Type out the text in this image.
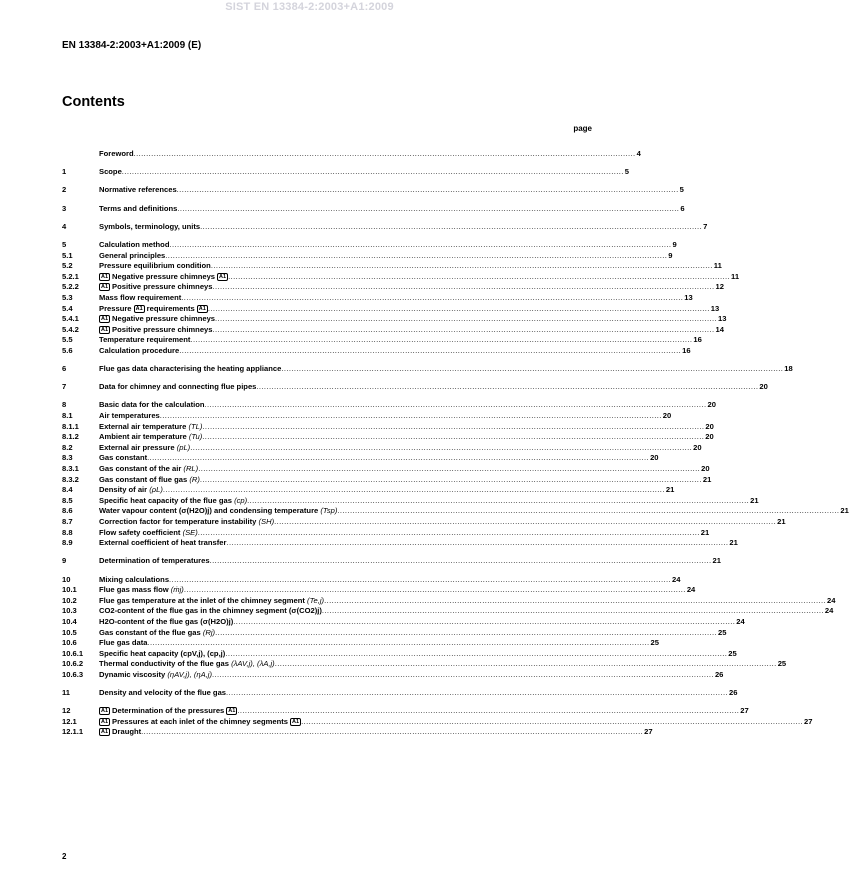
SIST EN 13384-2:2003+A1:2009
EN 13384-2:2003+A1:2009 (E)
Contents
page
Foreword .....	4
1	Scope .....	5
2	Normative references .....	5
3	Terms and definitions .....	6
4	Symbols, terminology, units .....	7
5	Calculation method .....	9
5.1	General principles .....	9
5.2	Pressure equilibrium condition .....	11
5.2.1	A1 Negative pressure chimneys A1 .....	11
5.2.2	A1 Positive pressure chimneys .....	12
5.3	Mass flow requirement .....	13
5.4	Pressure A1 requirements A1 .....	13
5.4.1	A1 Negative pressure chimneys .....	13
5.4.2	A1 Positive pressure chimneys .....	14
5.5	Temperature requirement .....	16
5.6	Calculation procedure .....	16
6	Flue gas data characterising the heating appliance .....	18
7	Data for chimney and connecting flue pipes .....	20
8	Basic data for the calculation .....	20
8.1	Air temperatures .....	20
8.1.1	External air temperature (TL) .....	20
8.1.2	Ambient air temperature (Tu) .....	20
8.2	External air pressure (pL) .....	20
8.3	Gas constant .....	20
8.3.1	Gas constant of the air (RL) .....	20
8.3.2	Gas constant of flue gas (R) .....	21
8.4	Density of air (ρL) .....	21
8.5	Specific heat capacity of the flue gas (cp) .....	21
8.6	Water vapour content (σ(H2O)j) and condensing temperature (Tsp) .....	21
8.7	Correction factor for temperature instability (SH) .....	21
8.8	Flow safety coefficient (SE) .....	21
8.9	External coefficient of heat transfer .....	21
9	Determination of temperatures .....	21
10	Mixing calculations .....	24
10.1	Flue gas mass flow (ṁj) .....	24
10.2	Flue gas temperature at the inlet of the chimney segment (Te,j) .....	24
10.3	CO2-content of the flue gas in the chimney segment (σ(CO2)j) .....	24
10.4	H2O-content of the flue gas (σ(H2O)j) .....	24
10.5	Gas constant of the flue gas (Rj) .....	25
10.6	Flue gas data .....	25
10.6.1	Specific heat capacity (cpV,j), (cp,j) .....	25
10.6.2	Thermal conductivity of the flue gas (λAV,j), (λA,j) .....	25
10.6.3	Dynamic viscosity (ηAV,j), (ηA,j) .....	26
11	Density and velocity of the flue gas .....	26
12	A1 Determination of the pressures A1 .....	27
12.1	A1 Pressures at each inlet of the chimney segments A1 .....	27
12.1.1	A1 Draught .....	27
2
